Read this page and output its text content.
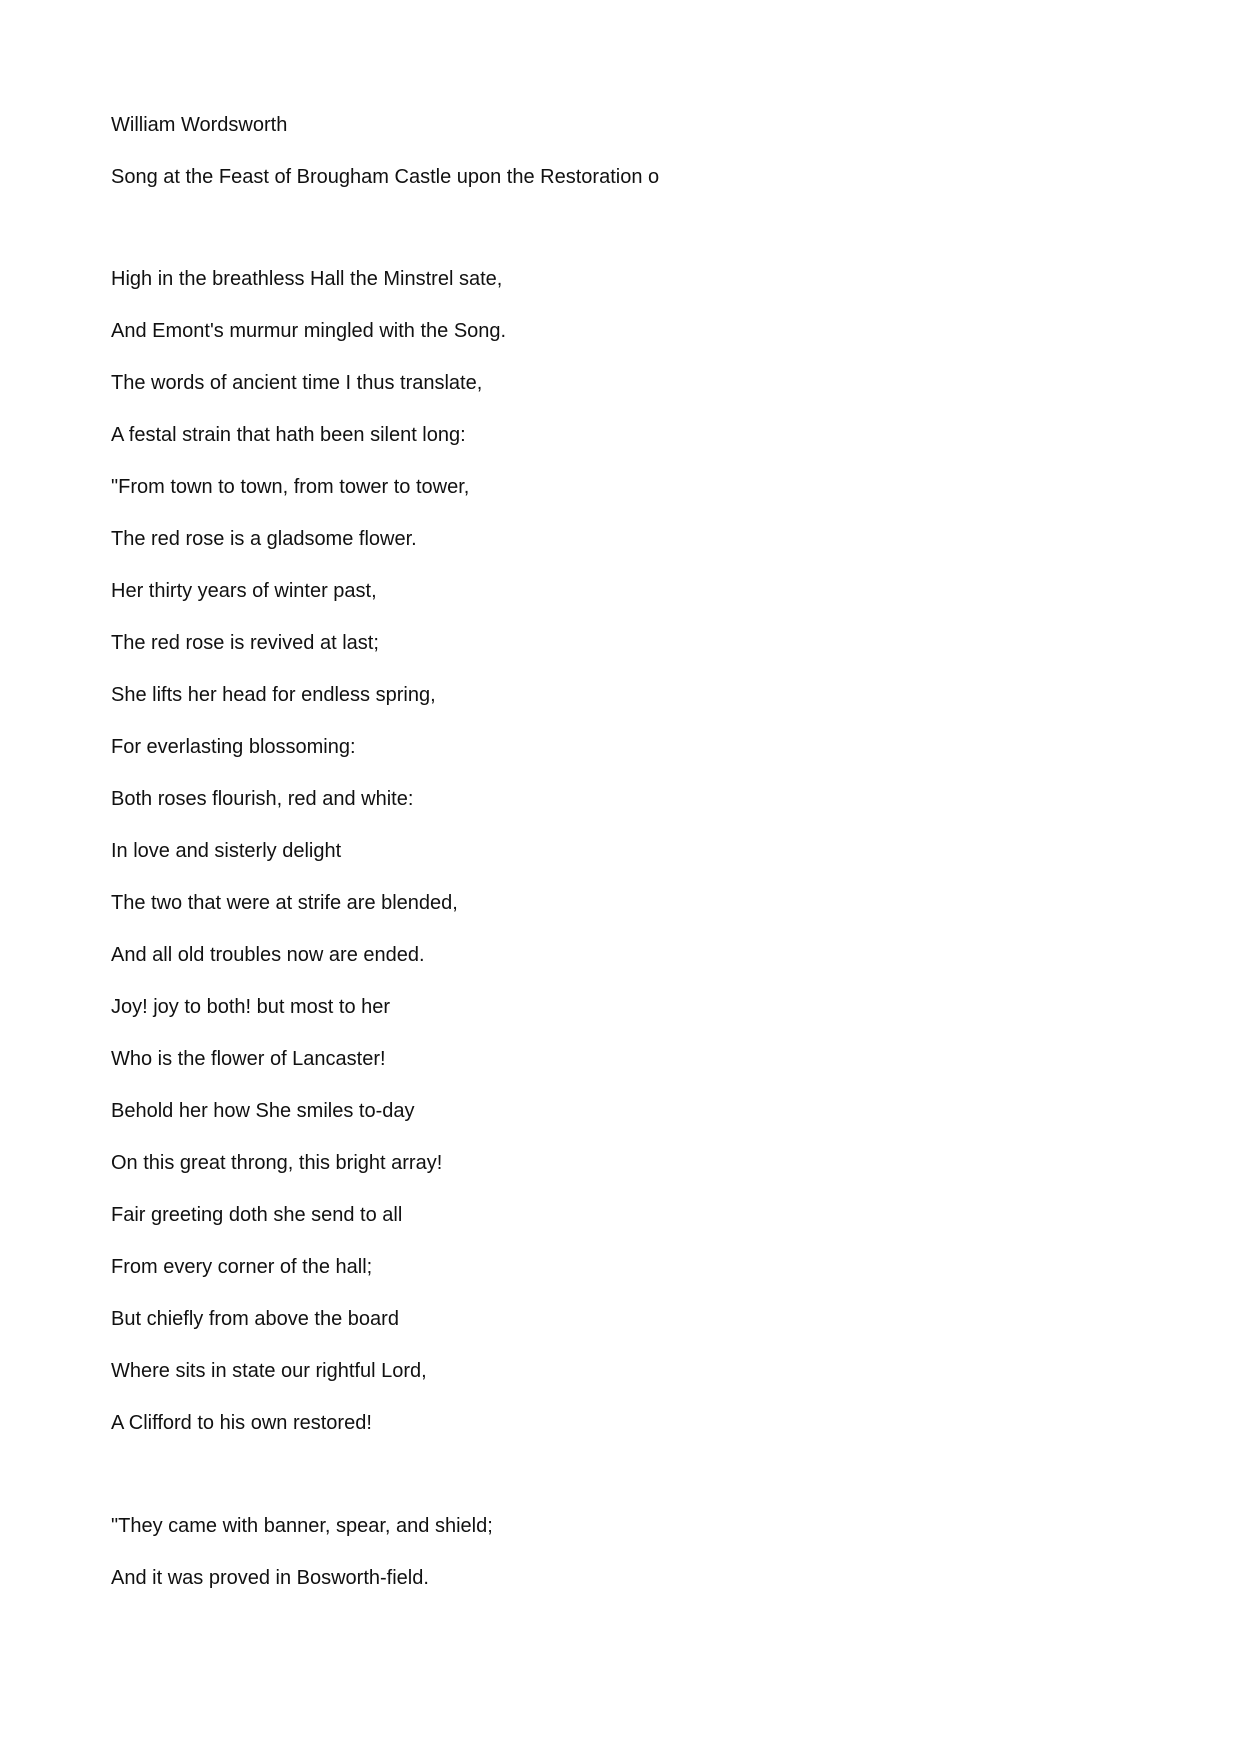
William Wordsworth
Song at the Feast of Brougham Castle upon the Restoration o
High in the breathless Hall the Minstrel sate,
And Emont's murmur mingled with the Song.
The words of ancient time I thus translate,
A festal strain that hath been silent long:
"From town to town, from tower to tower,
The red rose is a gladsome flower.
Her thirty years of winter past,
The red rose is revived at last;
She lifts her head for endless spring,
For everlasting blossoming:
Both roses flourish, red and white:
In love and sisterly delight
The two that were at strife are blended,
And all old troubles now are ended.
Joy! joy to both! but most to her
Who is the flower of Lancaster!
Behold her how She smiles to-day
On this great throng, this bright array!
Fair greeting doth she send to all
From every corner of the hall;
But chiefly from above the board
Where sits in state our rightful Lord,
A Clifford to his own restored!
"They came with banner, spear, and shield;
And it was proved in Bosworth-field.
